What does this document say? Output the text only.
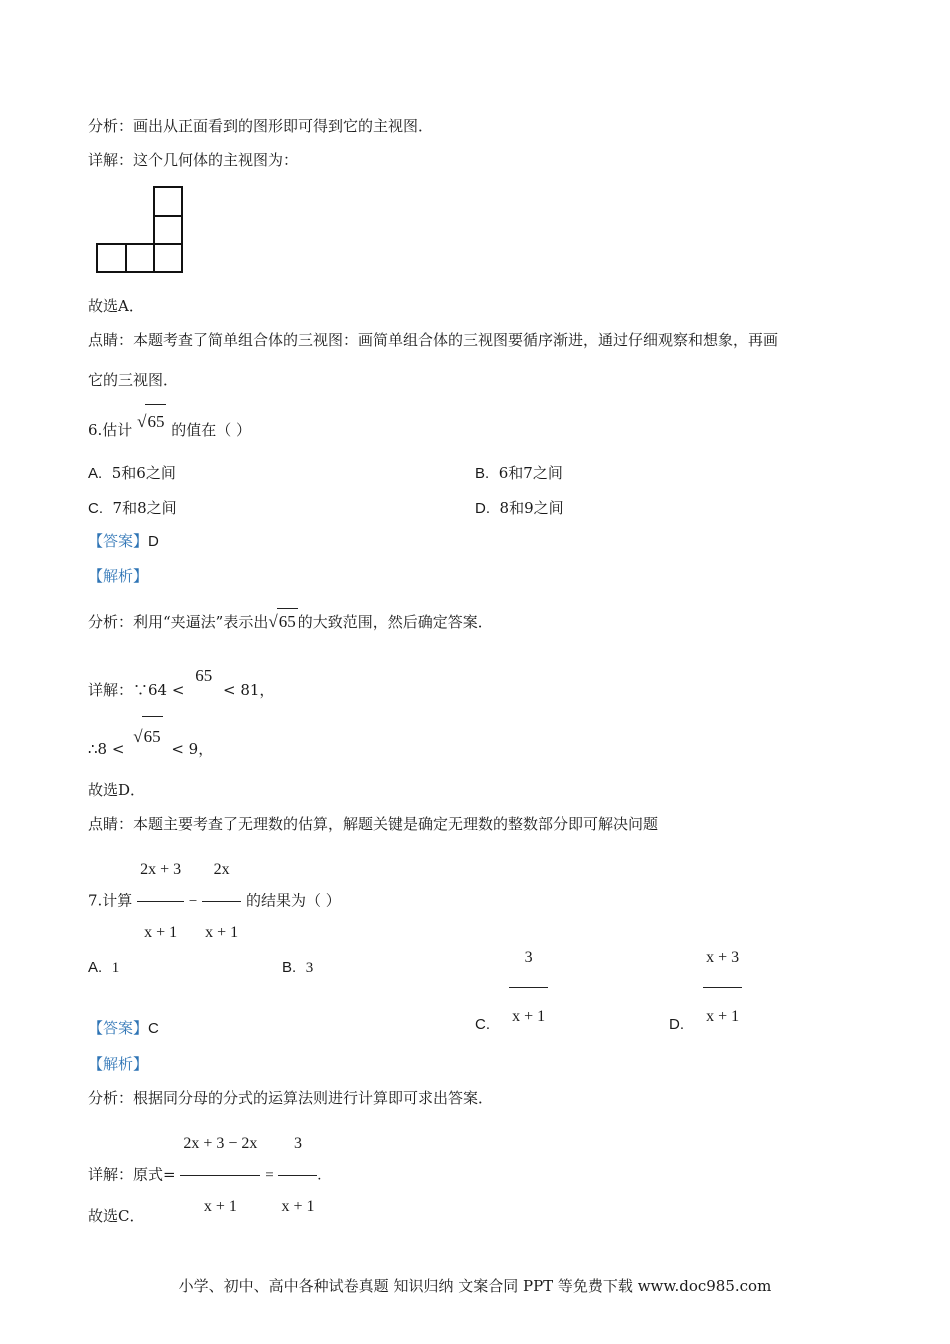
分析：画出从正面看到的图形即可得到它的主视图．
详解：这个几何体的主视图为：
故选A．
点睛：本题考查了简单组合体的三视图：画简单组合体的三视图要循序渐进，通过仔细观察和想象，再画
它的三视图．
6.估计 √65 的值在（ ）
A. 5和6之间	B. 6和7之间
C. 7和8之间	D. 8和9之间
【答案】D
【解析】
分析：利用“夹逼法”表示出√65 的大致范围，然后确定答案．
详解：∵64 < 65 < 81，
∴8 < √65 < 9，
故选D．
点睛：本题主要考查了无理数的估算，解题关键是确定无理数的整数部分即可解决问题
7.计算 $\frac{2x + 3}{x + 1} - \frac{2x}{x + 1}$ 的结果为（ ）
A. 1	B. 3
C. $\frac{3}{x + 1}$	D. $\frac{x + 3}{x + 1}$
【答案】C
【解析】
分析：根据同分母的分式的运算法则进行计算即可求出答案．
详解：原式= $\frac{2x + 3 - 2x}{x + 1} = \frac{3}{x + 1}$ .
故选C．
小学、初中、高中各种试卷真题 知识归纳 文案合同 PPT 等免费下载 www.doc985.com
